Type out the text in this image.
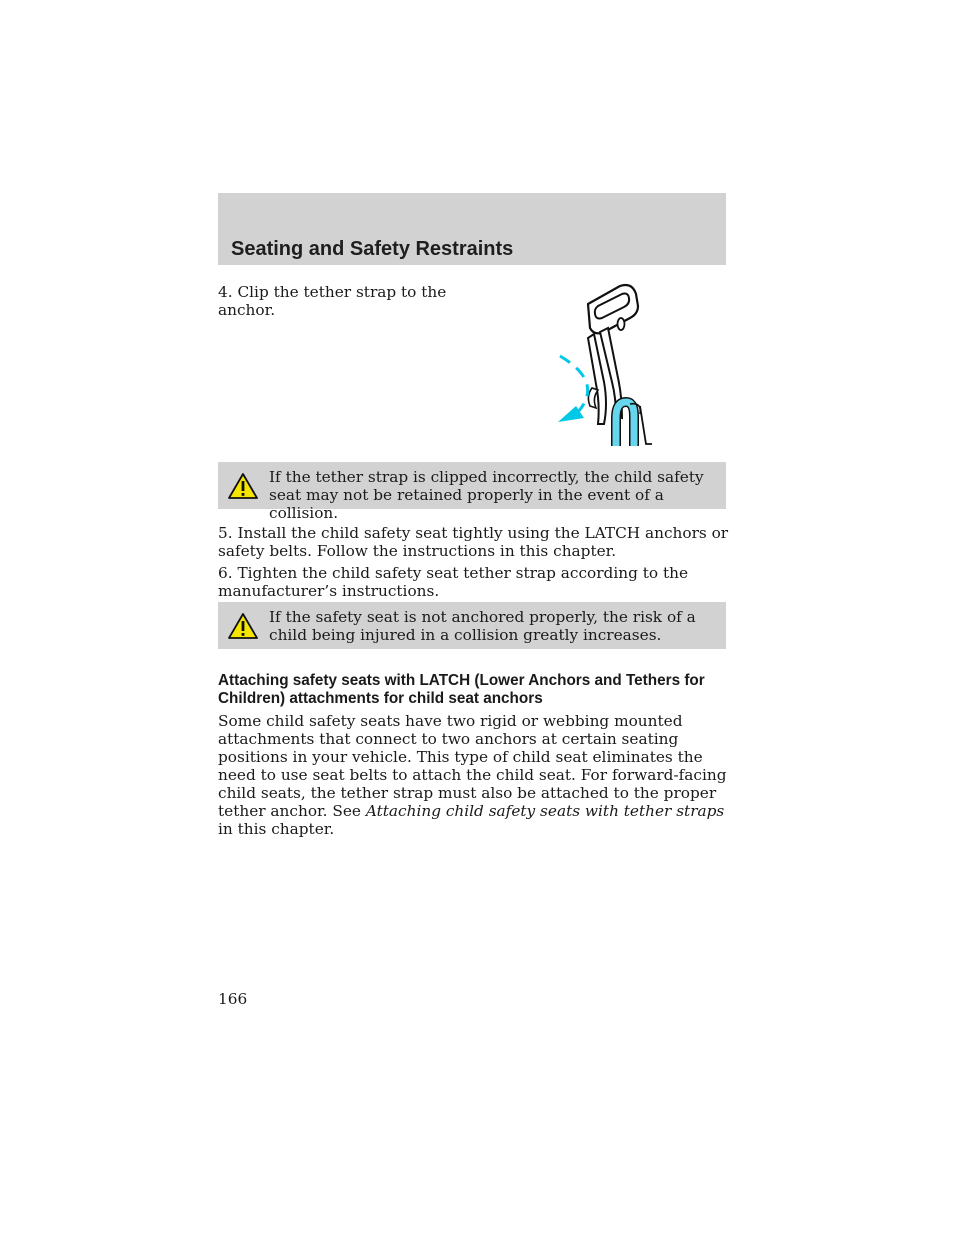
Seating and Safety Restraints

4. Clip the tether strap to the anchor.

If the tether strap is clipped incorrectly, the child safety seat may not be retained properly in the event of a collision.

5. Install the child safety seat tightly using the LATCH anchors or safety belts. Follow the instructions in this chapter.

6. Tighten the child safety seat tether strap according to the manufacturer’s instructions.

If the safety seat is not anchored properly, the risk of a child being injured in a collision greatly increases.

Attaching safety seats with LATCH (Lower Anchors and Tethers for Children) attachments for child seat anchors

Some child safety seats have two rigid or webbing mounted attachments that connect to two anchors at certain seating positions in your vehicle. This type of child seat eliminates the need to use seat belts to attach the child seat. For forward-facing child seats, the tether strap must also be attached to the proper tether anchor. See Attaching child safety seats with tether straps in this chapter.

166
